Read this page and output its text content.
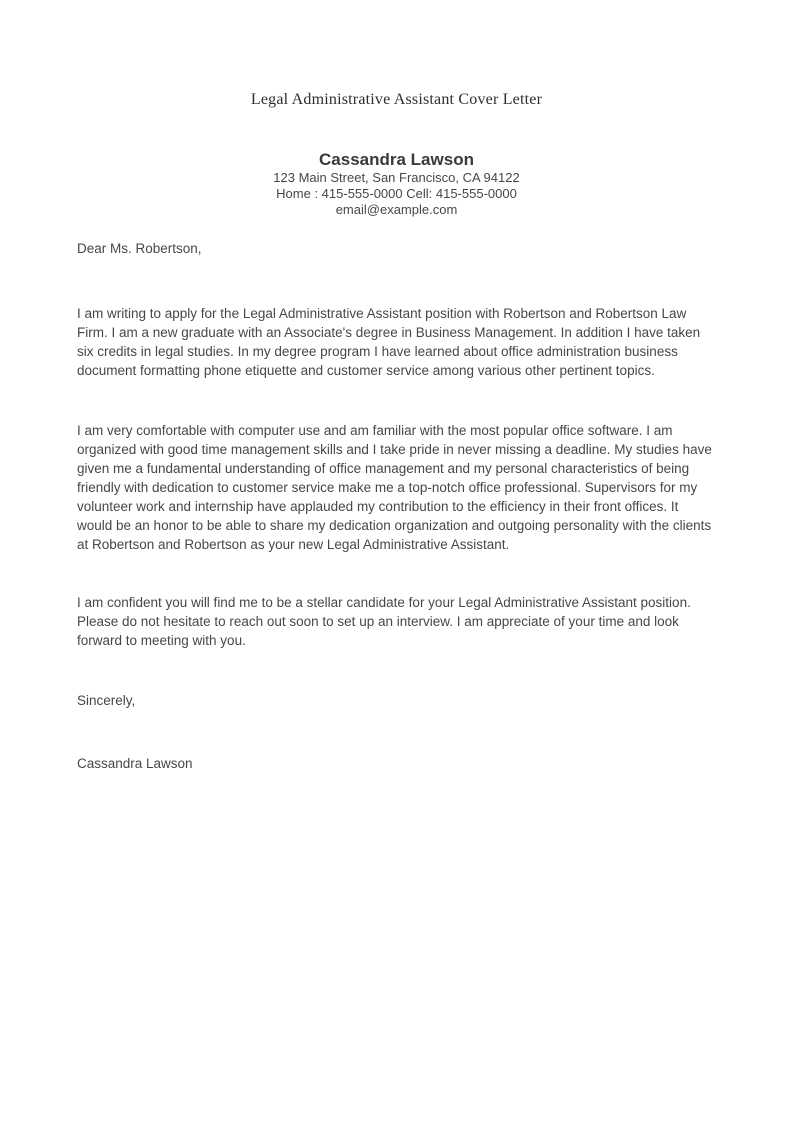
Legal Administrative Assistant Cover Letter
Cassandra Lawson
123 Main Street, San Francisco, CA 94122
Home : 415-555-0000 Cell: 415-555-0000
email@example.com
Dear Ms. Robertson,

I am writing to apply for the Legal Administrative Assistant position with Robertson and Robertson Law Firm. I am a new graduate with an Associate's degree in Business Management. In addition I have taken six credits in legal studies. In my degree program I have learned about office administration business document formatting phone etiquette and customer service among various other pertinent topics.

I am very comfortable with computer use and am familiar with the most popular office software. I am organized with good time management skills and I take pride in never missing a deadline. My studies have given me a fundamental understanding of office management and my personal characteristics of being friendly with dedication to customer service make me a top-notch office professional. Supervisors for my volunteer work and internship have applauded my contribution to the efficiency in their front offices. It would be an honor to be able to share my dedication organization and outgoing personality with the clients at Robertson and Robertson as your new Legal Administrative Assistant.

I am confident you will find me to be a stellar candidate for your Legal Administrative Assistant position. Please do not hesitate to reach out soon to set up an interview. I am appreciate of your time and look forward to meeting with you.

Sincerely,
Cassandra Lawson
